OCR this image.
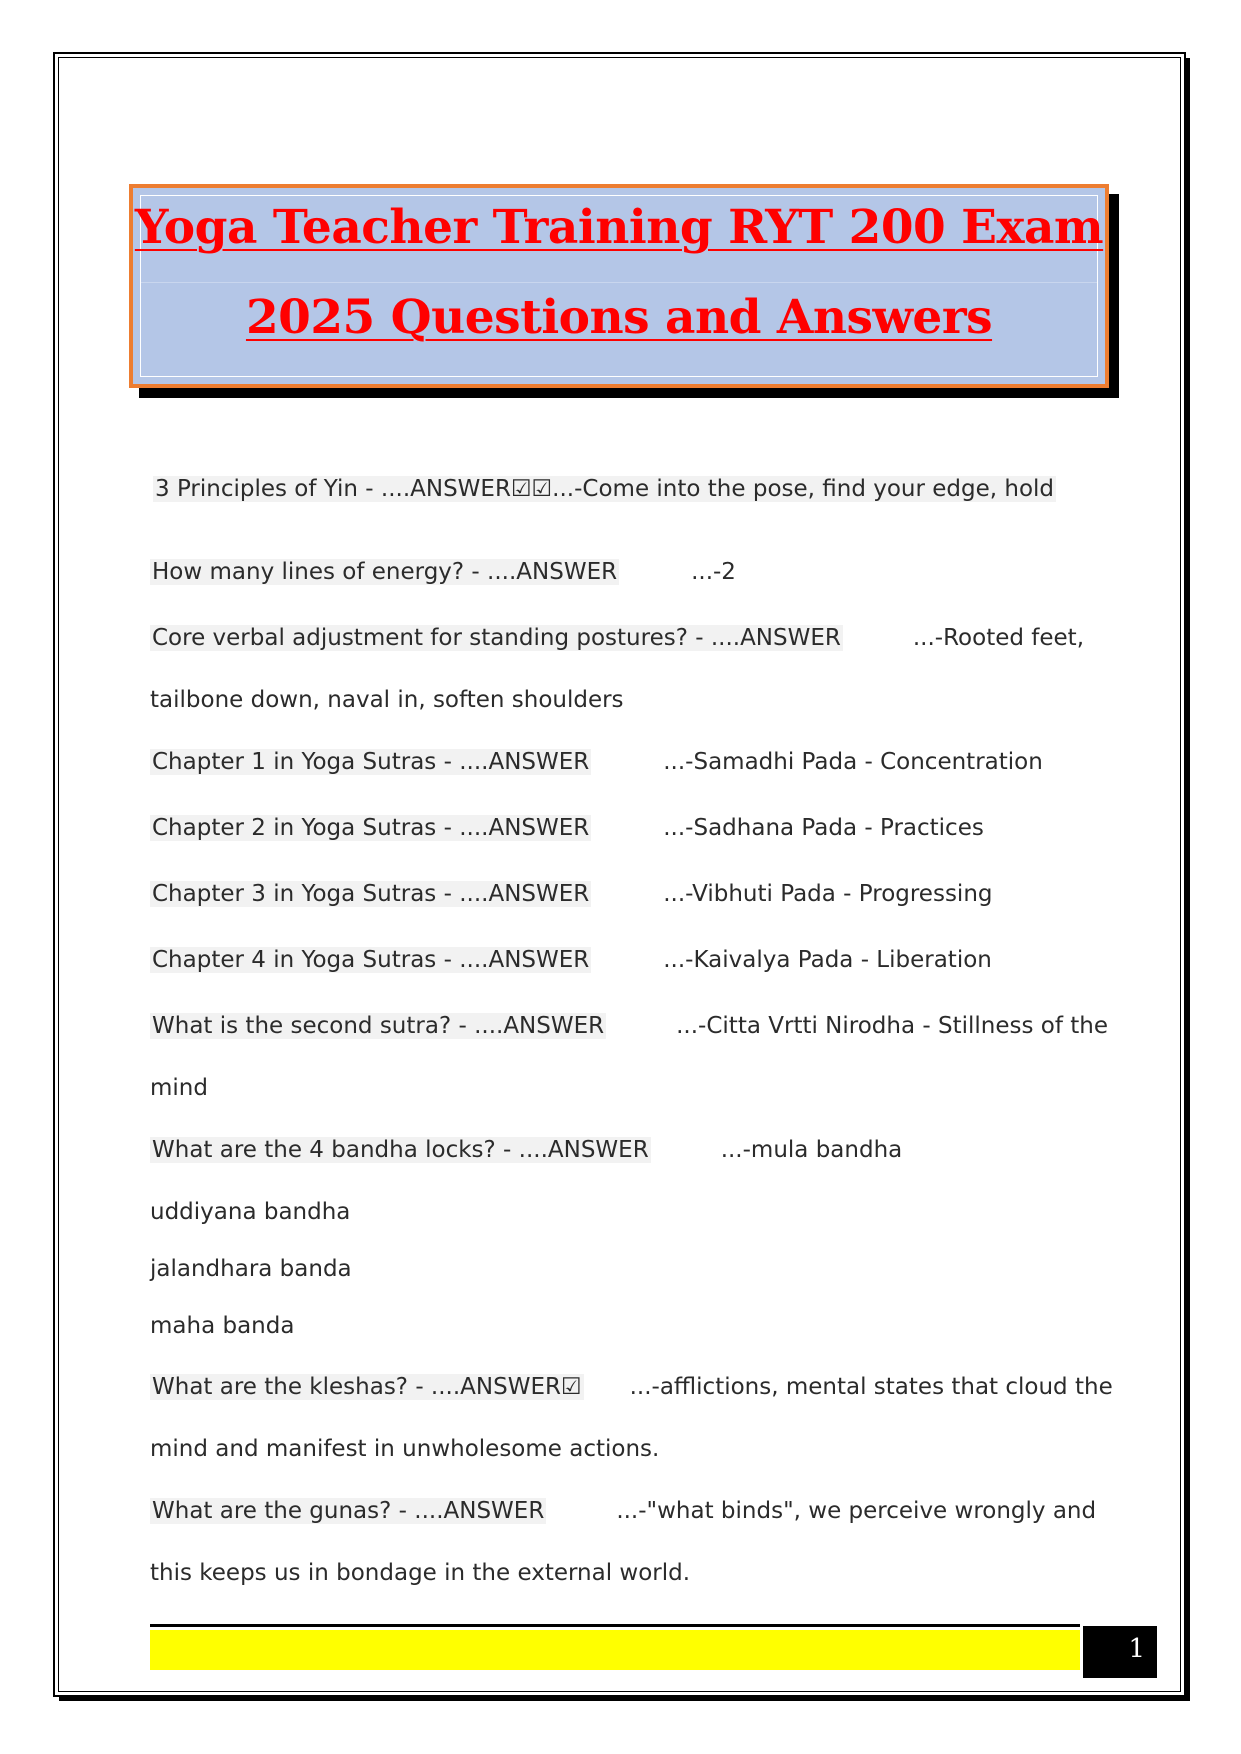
Yoga Teacher Training RYT 200 Exam
2025 Questions and Answers
3 Principles of Yin - ....ANSWER☑☑...-Come into the pose, find your edge, hold
How many lines of energy? - ....ANSWER	...-2
Core verbal adjustment for standing postures? - ....ANSWER	...-Rooted feet,
tailbone down, naval in, soften shoulders
Chapter 1 in Yoga Sutras - ....ANSWER	...-Samadhi Pada - Concentration
Chapter 2 in Yoga Sutras - ....ANSWER	...-Sadhana Pada - Practices
Chapter 3 in Yoga Sutras - ....ANSWER	...-Vibhuti Pada - Progressing
Chapter 4 in Yoga Sutras - ....ANSWER	...-Kaivalya Pada - Liberation
What is the second sutra? - ....ANSWER	...-Citta Vrtti Nirodha - Stillness of the
mind
What are the 4 bandha locks? - ....ANSWER	...-mula bandha
uddiyana bandha
jalandhara banda
maha banda
What are the kleshas? - ....ANSWER☑ ...-afflictions, mental states that cloud the
mind and manifest in unwholesome actions.
What are the gunas? - ....ANSWER	...-"what binds", we perceive wrongly and
this keeps us in bondage in the external world.
1
